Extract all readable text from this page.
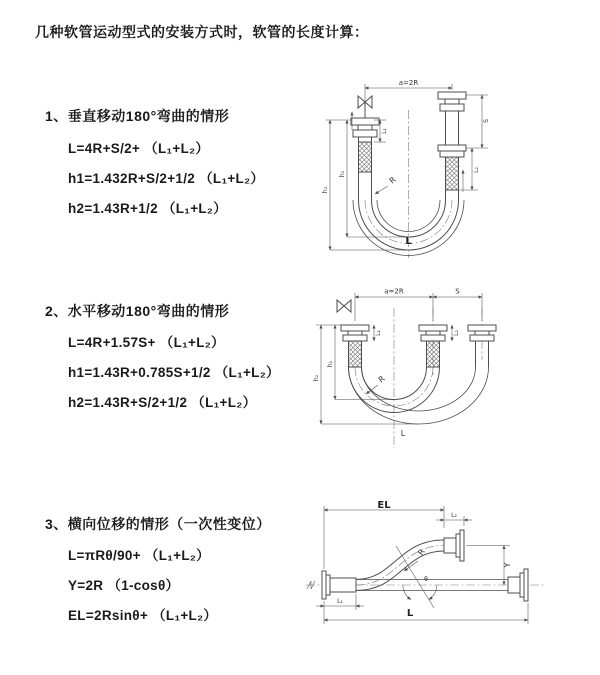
几种软管运动型式的安装方式时，软管的长度计算：
1、垂直移动180°弯曲的情形
L=4R+S/2+ （L₁+L₂）
h1=1.432R+S/2+1/2 （L₁+L₂）
h2=1.43R+1/2 （L₁+L₂）
2、水平移动180°弯曲的情形
L=4R+1.57S+ （L₁+L₂）
h1=1.43R+0.785S+1/2 （L₁+L₂）
h2=1.43R+S/2+1/2 （L₁+L₂）
3、横向位移的情形（一次性变位）
L=πRθ/90+ （L₁+L₂）
Y=2R （1-cosθ）
EL=2Rsinθ+ （L₁+L₂）
a=2R
L₁
h₁
h₂
S
L₂
R
L
a=2R	S
L₁	L₂
h₁
h₂	R
L
θ
EL
L₂
Y
L₁
L
R
